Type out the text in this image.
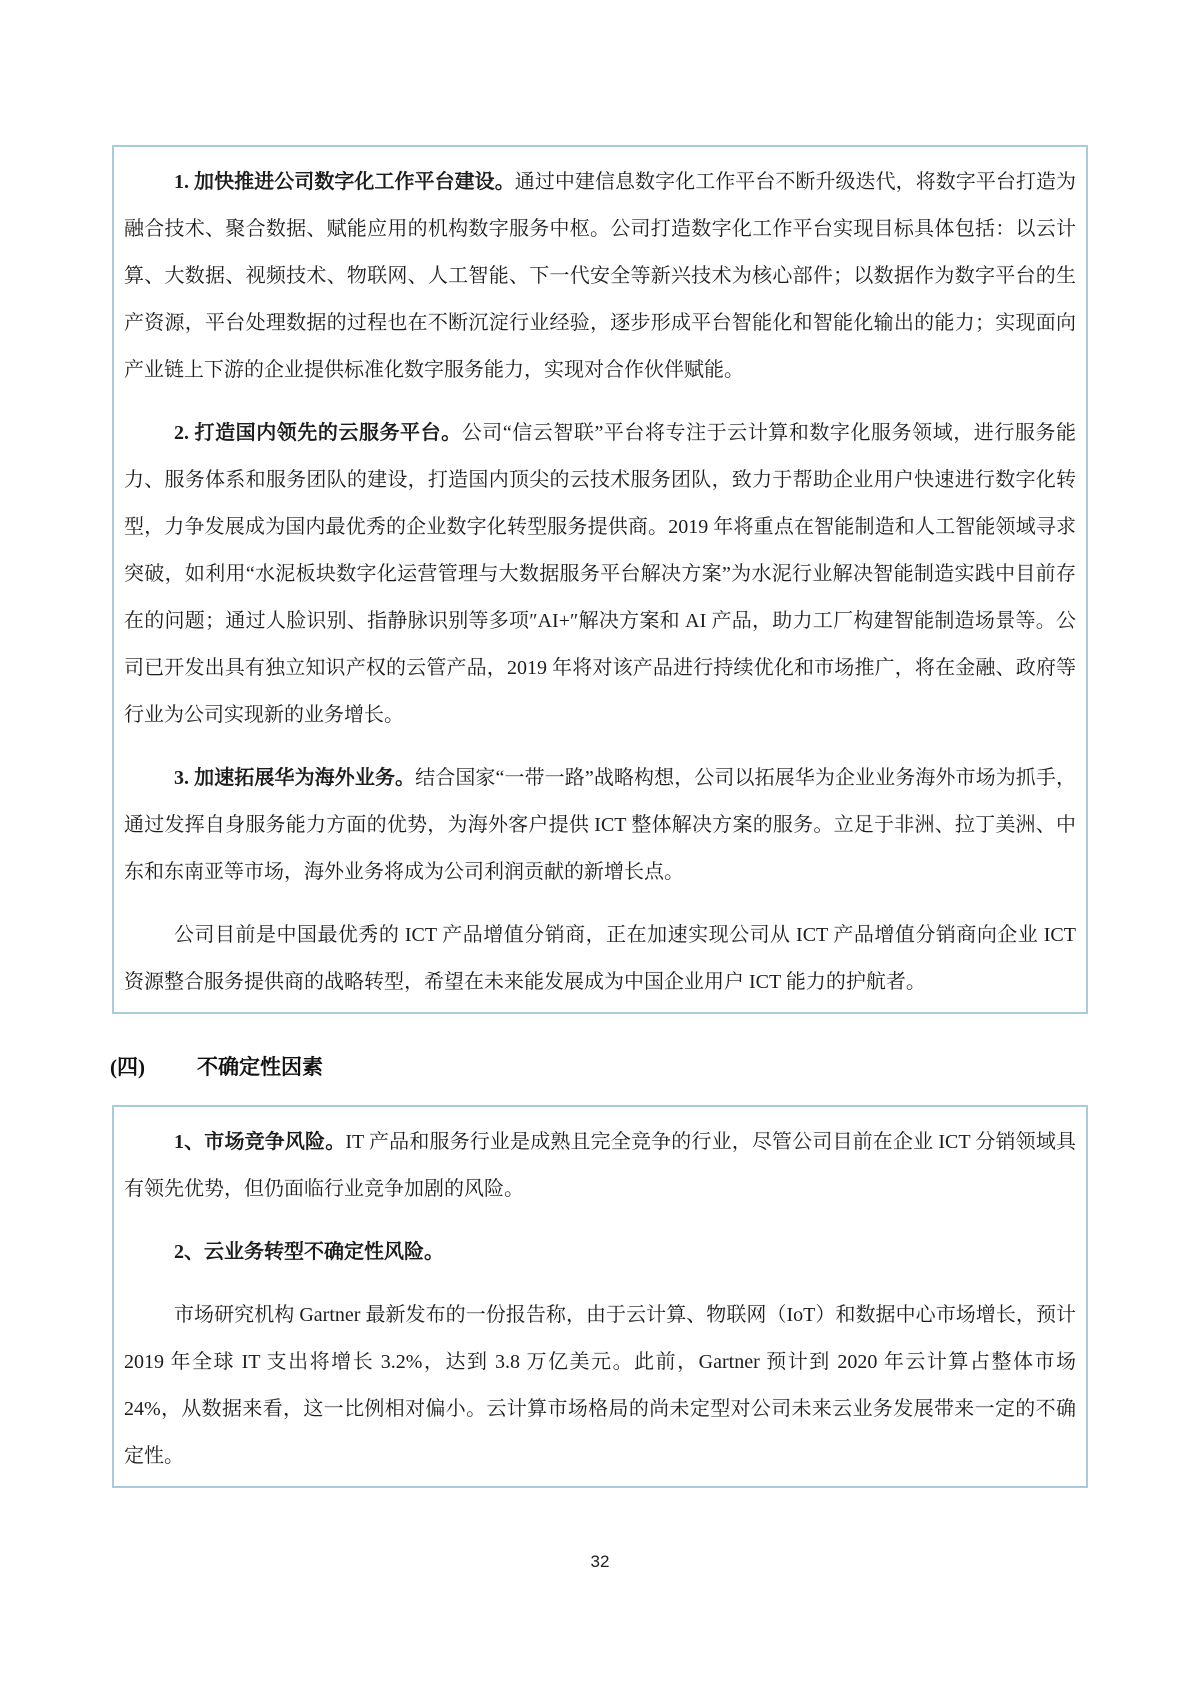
1. 加快推进公司数字化工作平台建设。通过中建信息数字化工作平台不断升级迭代，将数字平台打造为融合技术、聚合数据、赋能应用的机构数字服务中枢。公司打造数字化工作平台实现目标具体包括：以云计算、大数据、视频技术、物联网、人工智能、下一代安全等新兴技术为核心部件；以数据作为数字平台的生产资源，平台处理数据的过程也在不断沉淀行业经验，逐步形成平台智能化和智能化输出的能力；实现面向产业链上下游的企业提供标准化数字服务能力，实现对合作伙伴赋能。

2. 打造国内领先的云服务平台。公司“信云智联”平台将专注于云计算和数字化服务领域，进行服务能力、服务体系和服务团队的建设，打造国内顶尖的云技术服务团队，致力于帮助企业用户快速进行数字化转型，力争发展成为国内最优秀的企业数字化转型服务提供商。2019 年将重点在智能制造和人工智能领域寻求突破，如利用“水泥板块数字化运营管理与大数据服务平台解决方案”为水泥行业解决智能制造实践中目前存在的问题；通过人脸识别、指静脉识别等多项″AI+″解决方案和 AI 产品，助力工厂构建智能制造场景等。公司已开发出具有独立知识产权的云管产品，2019 年将对该产品进行持续优化和市场推广，将在金融、政府等行业为公司实现新的业务增长。

3. 加速拓展华为海外业务。结合国家“一带一路”战略构想，公司以拓展华为企业业务海外市场为抓手，通过发挥自身服务能力方面的优势，为海外客户提供 ICT 整体解决方案的服务。立足于非洲、拉丁美洲、中东和东南亚等市场，海外业务将成为公司利润贡献的新增长点。

公司目前是中国最优秀的 ICT 产品增值分销商，正在加速实现公司从 ICT 产品增值分销商向企业 ICT 资源整合服务提供商的战略转型，希望在未来能发展成为中国企业用户 ICT 能力的护航者。

(四) 不确定性因素

1、市场竞争风险。IT 产品和服务行业是成熟且完全竞争的行业，尽管公司目前在企业 ICT 分销领域具有领先优势，但仍面临行业竞争加剧的风险。

2、云业务转型不确定性风险。

市场研究机构 Gartner 最新发布的一份报告称，由于云计算、物联网（IoT）和数据中心市场增长，预计 2019 年全球 IT 支出将增长 3.2%，达到 3.8 万亿美元。此前，Gartner 预计到 2020 年云计算占整体市场 24%，从数据来看，这一比例相对偏小。云计算市场格局的尚未定型对公司未来云业务发展带来一定的不确定性。

32
